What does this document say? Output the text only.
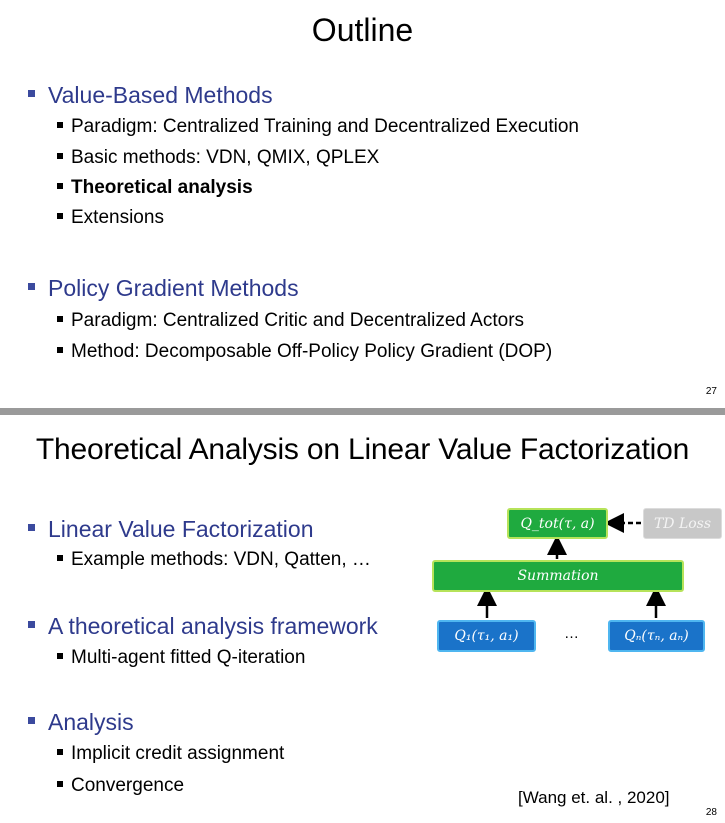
Outline
Value-Based Methods
Paradigm: Centralized Training and Decentralized Execution
Basic methods: VDN, QMIX, QPLEX
Theoretical analysis
Extensions
Policy Gradient Methods
Paradigm: Centralized Critic and Decentralized Actors
Method: Decomposable Off-Policy Policy Gradient (DOP)
27
Theoretical Analysis on Linear Value Factorization
Linear Value Factorization
Example methods: VDN, Qatten, …
A theoretical analysis framework
Multi-agent fitted Q-iteration
Analysis
Implicit credit assignment
Convergence
Q_tot(τ, a)	TD Loss
Summation
Q₁(τ₁, a₁)	…	Qₙ(τₙ, aₙ)
[Wang et. al. , 2020]
28
